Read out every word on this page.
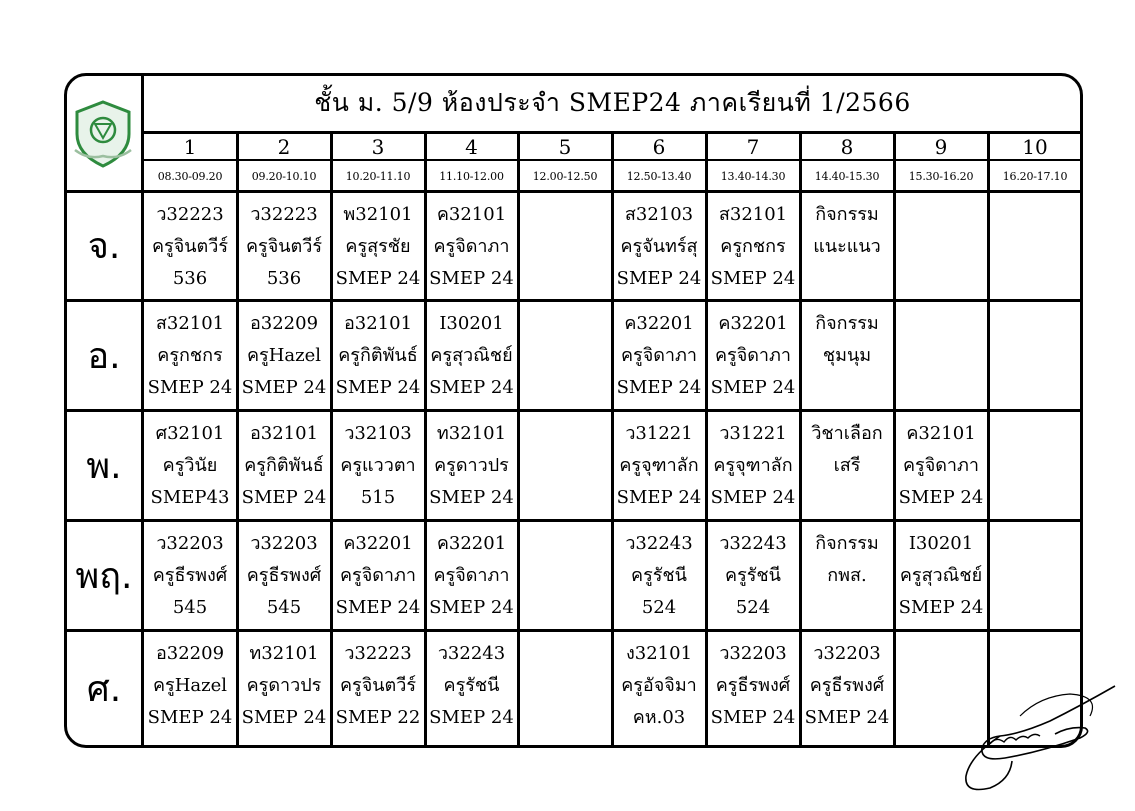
ชั้น ม. 5/9 ห้องประจำ SMEP24 ภาคเรียนที่ 1/2566
1
08.30-09.20
2
09.20-10.10
3
10.20-11.10
4
11.10-12.00
5
12.00-12.50
6
12.50-13.40
7
13.40-14.30
8
14.40-15.30
9
15.30-16.20
10
16.20-17.10
จ.
ว32223
ครูจินตวีร์
536
ว32223
ครูจินตวีร์
536
พ32101
ครูสุรชัย
SMEP 24
ค32101
ครูจิดาภา
SMEP 24
ส32103
ครูจันทร์สุ
SMEP 24
ส32101
ครูกชกร
SMEP 24
กิจกรรม
แนะแนว
อ.
ส32101
ครูกชกร
SMEP 24
อ32209
ครูHazel
SMEP 24
อ32101
ครูกิติพันธ์
SMEP 24
I30201
ครูสุวณิชย์
SMEP 24
ค32201
ครูจิดาภา
SMEP 24
ค32201
ครูจิดาภา
SMEP 24
กิจกรรม
ชุมนุม
พ.
ศ32101
ครูวินัย
SMEP43
อ32101
ครูกิติพันธ์
SMEP 24
ว32103
ครูแววตา
515
ท32101
ครูดาวปร
SMEP 24
ว31221
ครูจุฑาลัก
SMEP 24
ว31221
ครูจุฑาลัก
SMEP 24
วิชาเลือก
เสรี
ค32101
ครูจิดาภา
SMEP 24
พฤ.
ว32203
ครูธีรพงศ์
545
ว32203
ครูธีรพงศ์
545
ค32201
ครูจิดาภา
SMEP 24
ค32201
ครูจิดาภา
SMEP 24
ว32243
ครูรัชนี
524
ว32243
ครูรัชนี
524
กิจกรรม
กพส.
I30201
ครูสุวณิชย์
SMEP 24
ศ.
อ32209
ครูHazel
SMEP 24
ท32101
ครูดาวปร
SMEP 24
ว32223
ครูจินตวีร์
SMEP 22
ว32243
ครูรัชนี
SMEP 24
ง32101
ครูอัจจิมา
คห.03
ว32203
ครูธีรพงศ์
SMEP 24
ว32203
ครูธีรพงศ์
SMEP 24
